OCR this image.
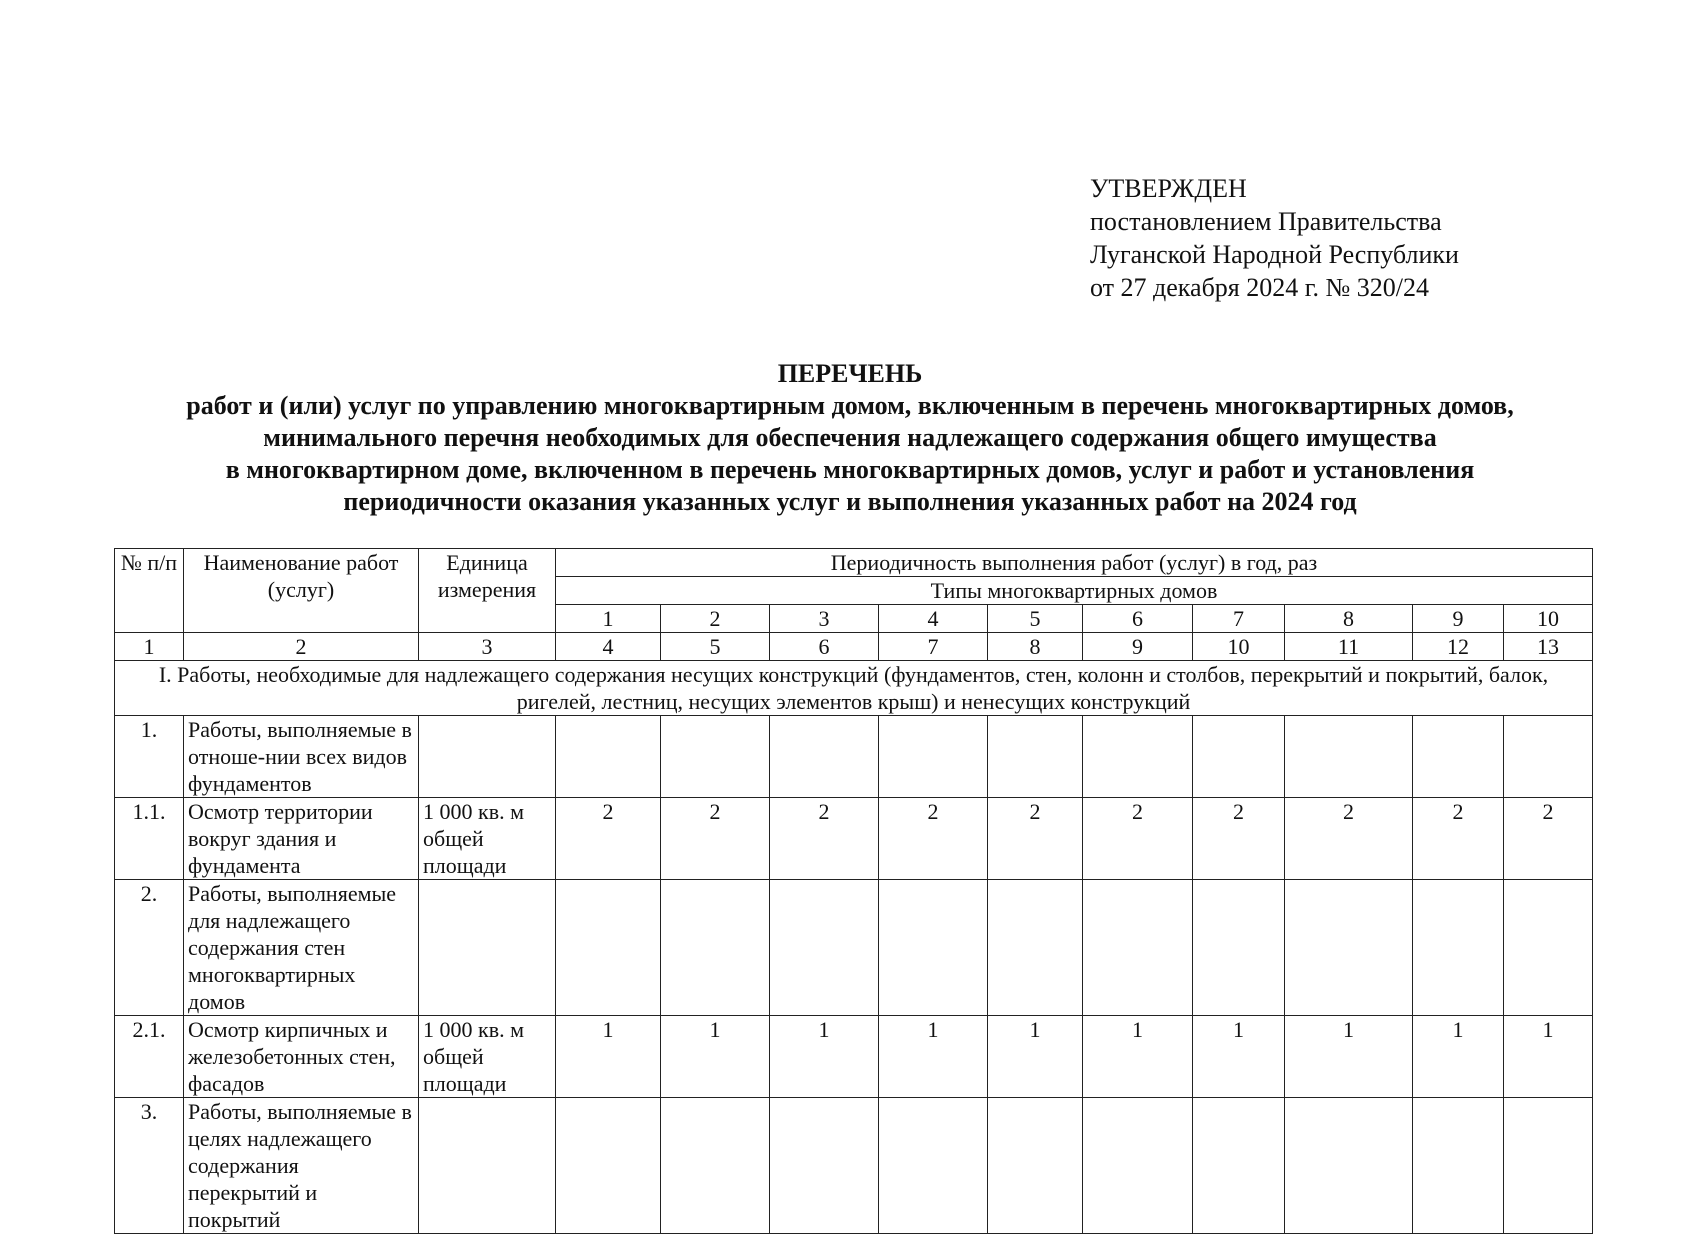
УТВЕРЖДЕН
постановлением Правительства
Луганской Народной Республики
от 27 декабря 2024 г. № 320/24
ПЕРЕЧЕНЬ
работ и (или) услуг по управлению многоквартирным домом, включенным в перечень многоквартирных домов,
минимального перечня необходимых для обеспечения надлежащего содержания общего имущества
в многоквартирном доме, включенном в перечень многоквартирных домов, услуг и работ и установления
периодичности оказания указанных услуг и выполнения указанных работ на 2024 год
№ п/п	Наименование работ (услуг)	Единица измерения	Периодичность выполнения работ (услуг) в год, раз									
			Типы многоквартирных домов									
			1	2	3	4	5	6	7	8	9	10
1	2	3	4	5	6	7	8	9	10	11	12	13
I. Работы, необходимые для надлежащего содержания несущих конструкций (фундаментов, стен, колонн и столбов, перекрытий и покрытий, балок, ригелей, лестниц, несущих элементов крыш) и ненесущих конструкций												
1.	Работы, выполняемые в отноше-нии всех видов фундаментов											
1.1.	Осмотр территории вокруг здания и фундамента	1 000 кв. м общей площади	2	2	2	2	2	2	2	2	2	2
2.	Работы, выполняемые для надлежащего содержания стен многоквартирных домов											
2.1.	Осмотр кирпичных и железобетонных стен, фасадов	1 000 кв. м общей площади	1	1	1	1	1	1	1	1	1	1
3.	Работы, выполняемые в целях надлежащего содержания перекрытий и покрытий											
